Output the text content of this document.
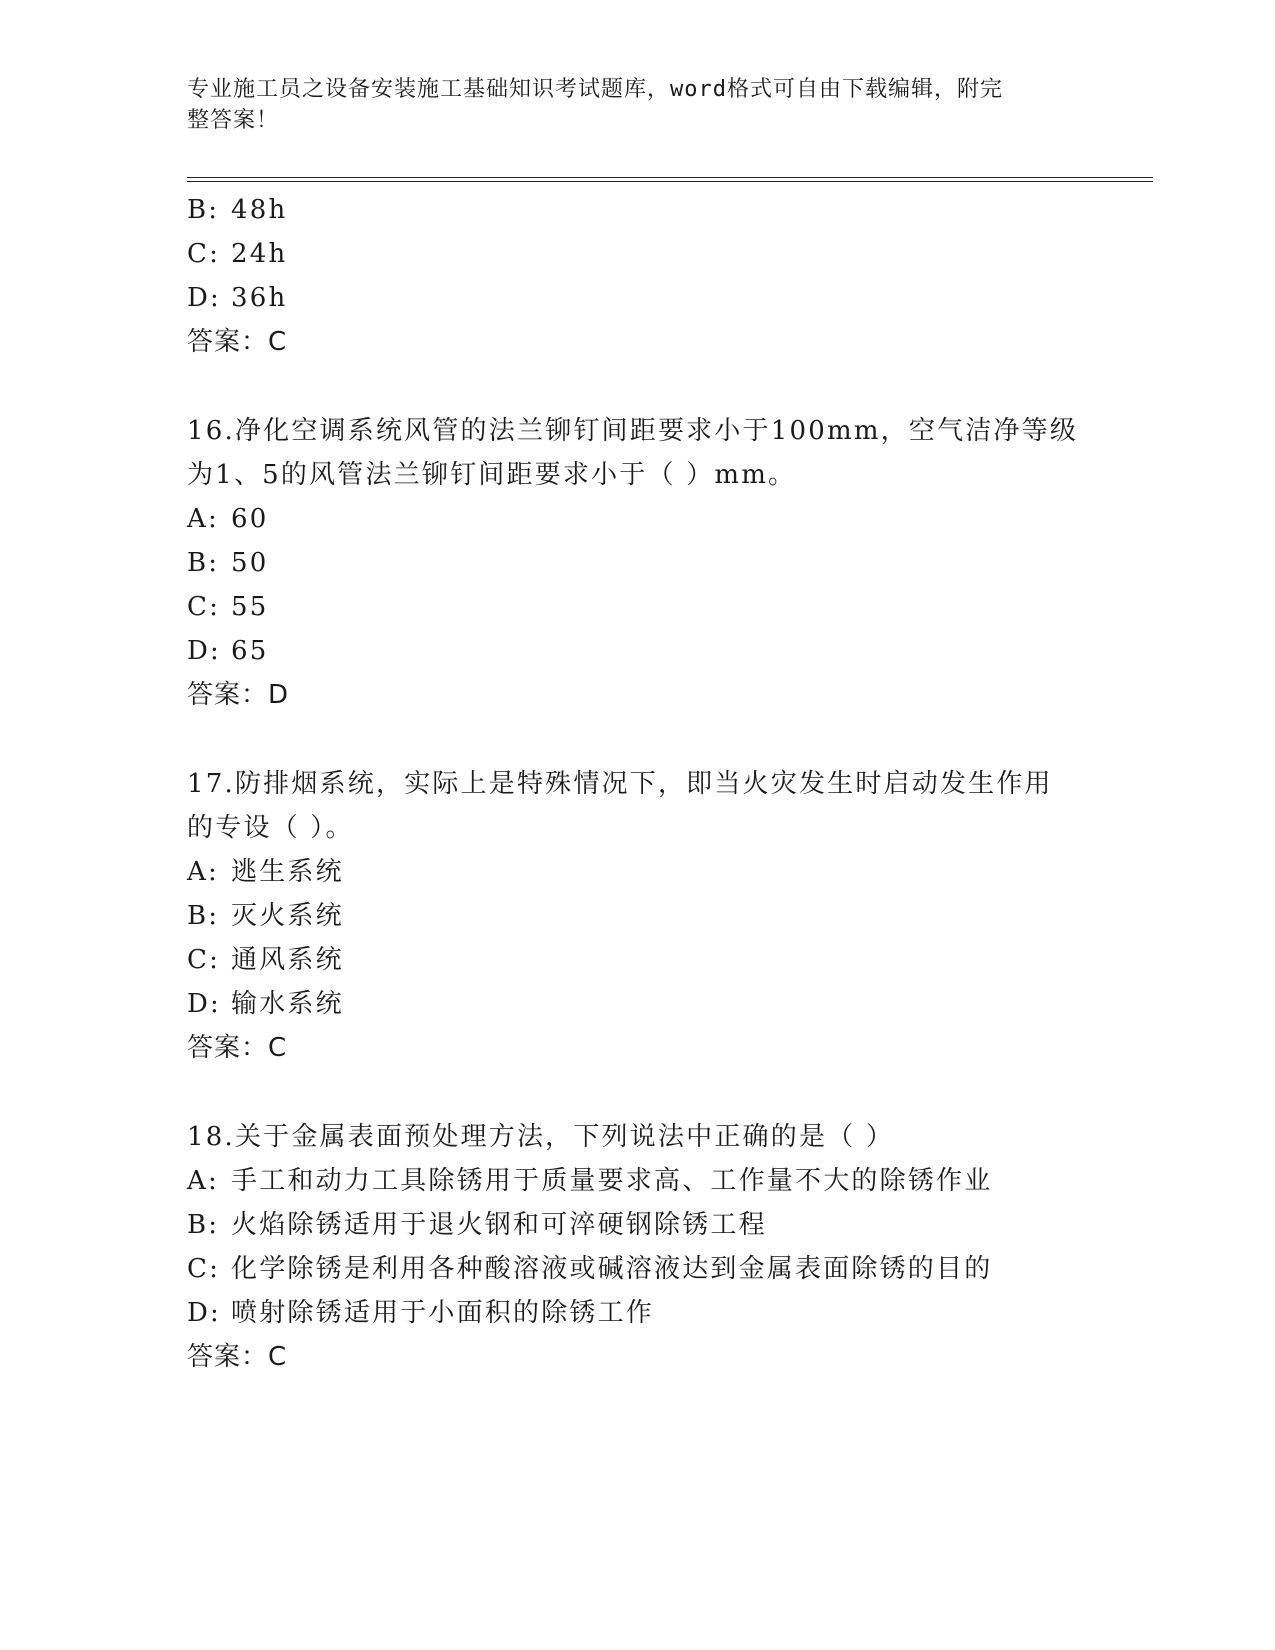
专业施工员之设备安装施工基础知识考试题库，word格式可自由下载编辑，附完
整答案！

B: 48h

C: 24h

D: 36h

答案：C

16.净化空调系统风管的法兰铆钉间距要求小于100mm，空气洁净等级

为1、5的风管法兰铆钉间距要求小于（ ）mm。

A: 60

B: 50

C: 55

D: 65

答案：D

17.防排烟系统，实际上是特殊情况下，即当火灾发生时启动发生作用

的专设（ ）。

A: 逃生系统

B: 灭火系统

C: 通风系统

D: 输水系统

答案：C

18.关于金属表面预处理方法，下列说法中正确的是（ ）

A: 手工和动力工具除锈用于质量要求高、工作量不大的除锈作业

B: 火焰除锈适用于退火钢和可淬硬钢除锈工程

C: 化学除锈是利用各种酸溶液或碱溶液达到金属表面除锈的目的

D: 喷射除锈适用于小面积的除锈工作

答案：C
